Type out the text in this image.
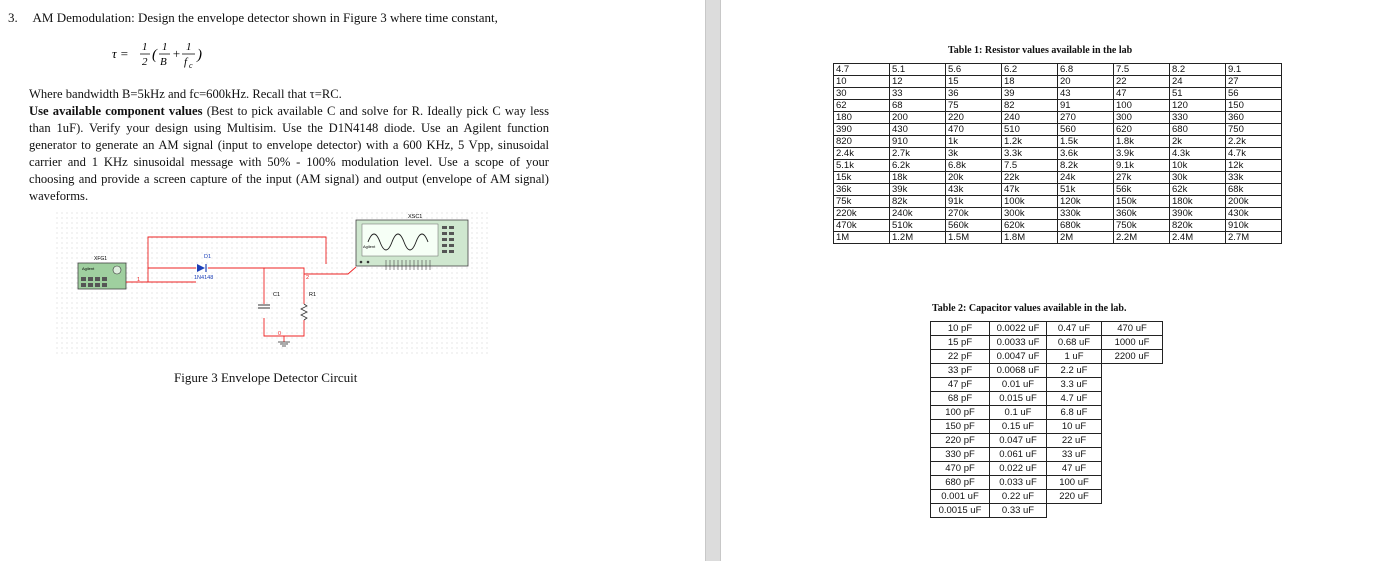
3. AM Demodulation: Design the envelope detector shown in Figure 3 where time constant,
τ = 1
2 ( 1
B
+ 1
f c
)

Where bandwidth B=5kHz and fc=600kHz. Recall that τ=RC.

Use available component values (Best to pick available C and solve for R. Ideally pick C way less than 1uF). Verify your design using Multisim. Use the D1N4148 diode. Use an Agilent function generator to generate an AM signal (input to envelope detector) with a 600 KHz, 5 Vpp, sinusoidal carrier and 1 KHz sinusoidal message with 50% - 100% modulation level. Use a scope of your choosing and provide a screen capture of the input (AM signal) and output (envelope of AM signal) waveforms.

XFG1
Agilent
D1
1N4148
1	2
0
C1	R1
XSC1
Agilent
Figure 3 Envelope Detector Circuit
Table 1: Resistor values available in the lab
4.7	5.1	5.6	6.2	6.8	7.5	8.2	9.1
10	12	15	18	20	22	24	27
30	33	36	39	43	47	51	56
62	68	75	82	91	100	120	150
180	200	220	240	270	300	330	360
390	430	470	510	560	620	680	750
820	910	1k	1.2k	1.5k	1.8k	2k	2.2k
2.4k	2.7k	3k	3.3k	3.6k	3.9k	4.3k	4.7k
5.1k	6.2k	6.8k	7.5	8.2k	9.1k	10k	12k
15k	18k	20k	22k	24k	27k	30k	33k
36k	39k	43k	47k	51k	56k	62k	68k
75k	82k	91k	100k	120k	150k	180k	200k
220k	240k	270k	300k	330k	360k	390k	430k
470k	510k	560k	620k	680k	750k	820k	910k
1M	1.2M	1.5M	1.8M	2M	2.2M	2.4M	2.7M
Table 2: Capacitor values available in the lab.
10 pF	0.0022 uF	0.47 uF	470 uF
15 pF	0.0033 uF	0.68 uF	1000 uF
22 pF	0.0047 uF	1 uF	2200 uF
33 pF	0.0068 uF	2.2 uF	
47 pF	0.01 uF	3.3 uF	
68 pF	0.015 uF	4.7 uF	
100 pF	0.1 uF	6.8 uF	
150 pF	0.15 uF	10 uF	
220 pF	0.047 uF	22 uF	
330 pF	0.061 uF	33 uF	
470 pF	0.022 uF	47 uF	
680 pF	0.033 uF	100 uF	
0.001 uF	0.22 uF	220 uF	
0.0015 uF	0.33 uF		
